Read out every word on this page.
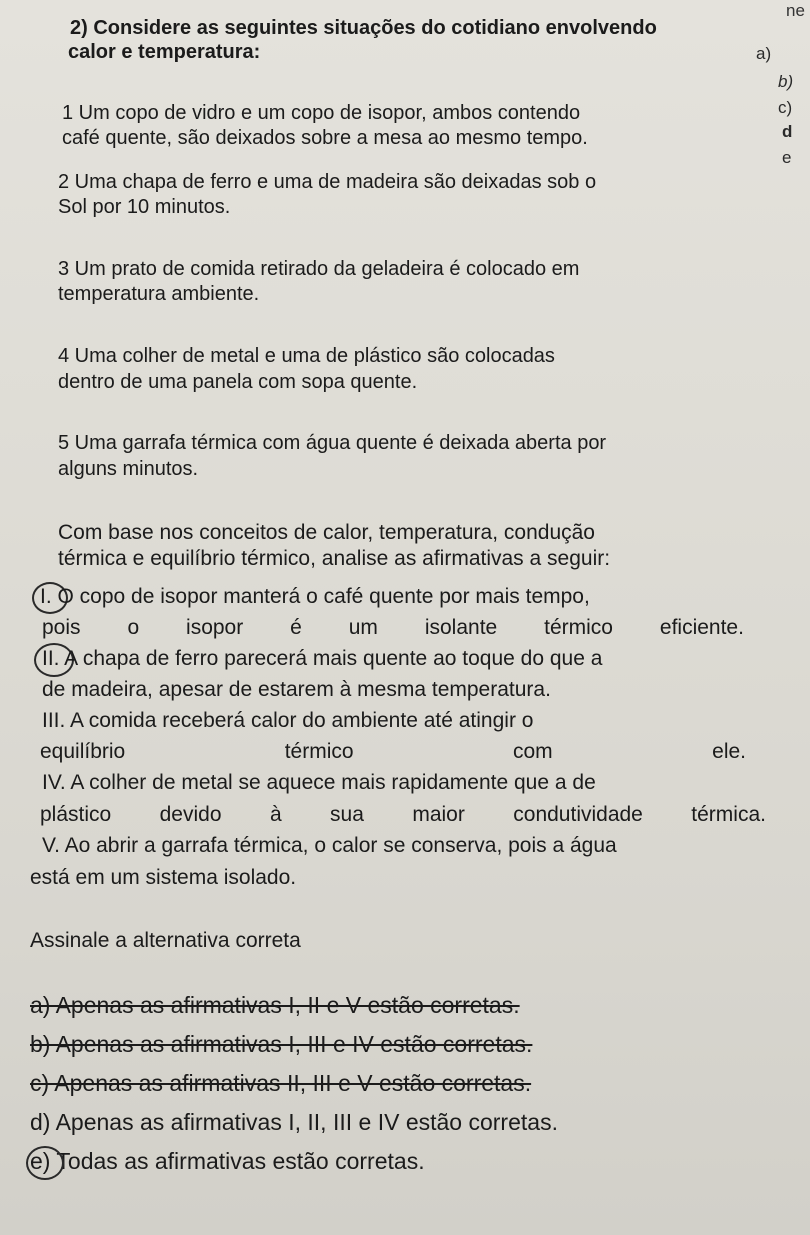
ne
2) Considere as seguintes situações do cotidiano envolvendo
calor e temperatura:	a)
b)
c)
d
e
1 Um copo de vidro e um copo de isopor, ambos contendo
café quente, são deixados sobre a mesa ao mesmo tempo.
2 Uma chapa de ferro e uma de madeira são deixadas sob o
Sol por 10 minutos.
3 Um prato de comida retirado da geladeira é colocado em
temperatura ambiente.
4 Uma colher de metal e uma de plástico são colocadas
dentro de uma panela com sopa quente.
5 Uma garrafa térmica com água quente é deixada aberta por
alguns minutos.
Com base nos conceitos de calor, temperatura, condução
térmica e equilíbrio térmico, analise as afirmativas a seguir:
I. O copo de isopor manterá o café quente por mais tempo,
pois o isopor é um isolante térmico eficiente.
II. A chapa de ferro parecerá mais quente ao toque do que a
de madeira, apesar de estarem à mesma temperatura.
III. A comida receberá calor do ambiente até atingir o
equilíbrio	térmico	com	ele.
IV. A colher de metal se aquece mais rapidamente que a de
plástico devido à sua maior condutividade térmica.
V. Ao abrir a garrafa térmica, o calor se conserva, pois a água
está em um sistema isolado.
Assinale a alternativa correta
a) Apenas as afirmativas I, II e V estão corretas.
b) Apenas as afirmativas I, III e IV estão corretas.
c) Apenas as afirmativas II, III e V estão corretas.
d) Apenas as afirmativas I, II, III e IV estão corretas.
e) Todas as afirmativas estão corretas.
